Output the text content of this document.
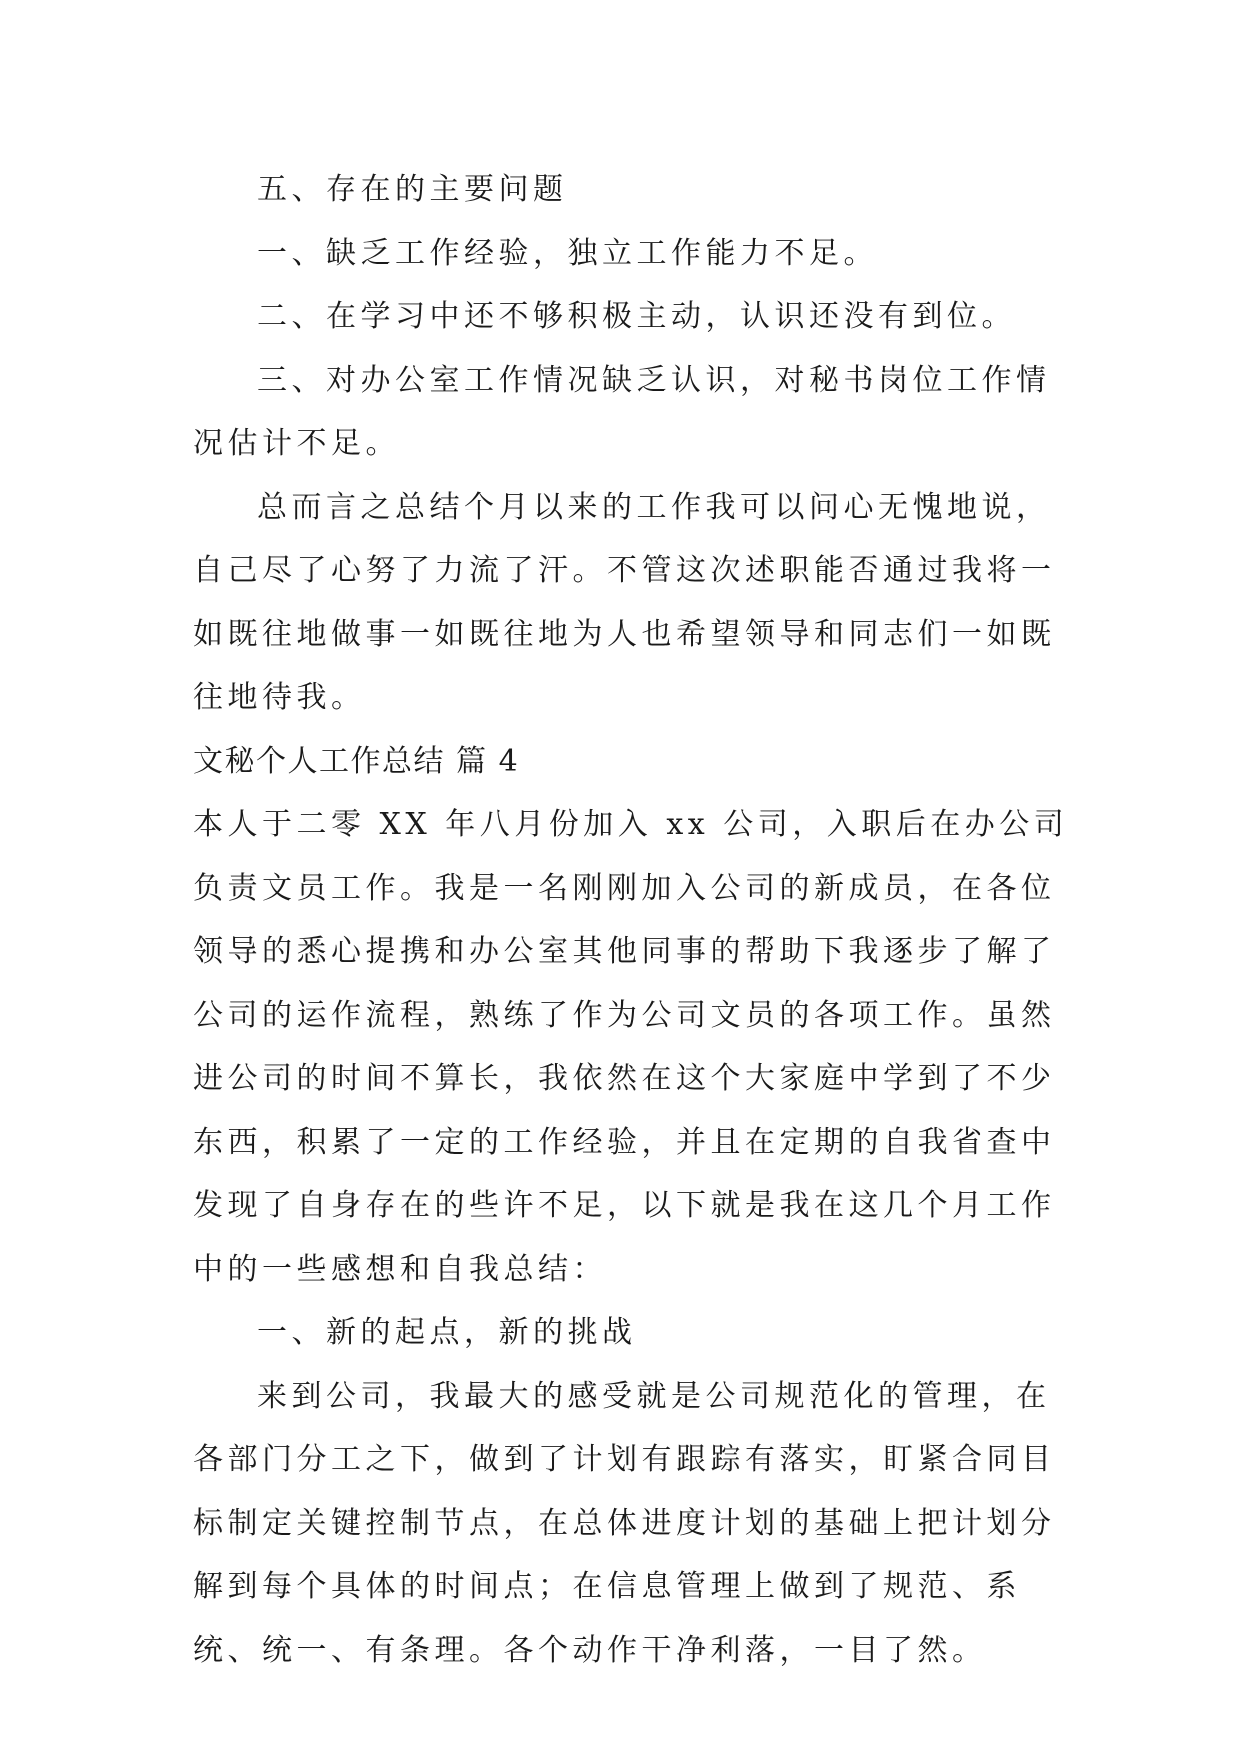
五、存在的主要问题

一、缺乏工作经验，独立工作能力不足。

二、在学习中还不够积极主动，认识还没有到位。

三、对办公室工作情况缺乏认识，对秘书岗位工作情况估计不足。

总而言之总结个月以来的工作我可以问心无愧地说，自己尽了心努了力流了汗。不管这次述职能否通过我将一如既往地做事一如既往地为人也希望领导和同志们一如既往地待我。

文秘个人工作总结 篇 4

本人于二零 XX 年八月份加入 xx 公司，入职后在办公司负责文员工作。我是一名刚刚加入公司的新成员，在各位领导的悉心提携和办公室其他同事的帮助下我逐步了解了公司的运作流程，熟练了作为公司文员的各项工作。虽然进公司的时间不算长，我依然在这个大家庭中学到了不少东西，积累了一定的工作经验，并且在定期的自我省查中发现了自身存在的些许不足，以下就是我在这几个月工作中的一些感想和自我总结：

一、新的起点，新的挑战

来到公司，我最大的感受就是公司规范化的管理，在各部门分工之下，做到了计划有跟踪有落实，盯紧合同目标制定关键控制节点，在总体进度计划的基础上把计划分解到每个具体的时间点；在信息管理上做到了规范、系统、统一、有条理。各个动作干净利落，一目了然。
